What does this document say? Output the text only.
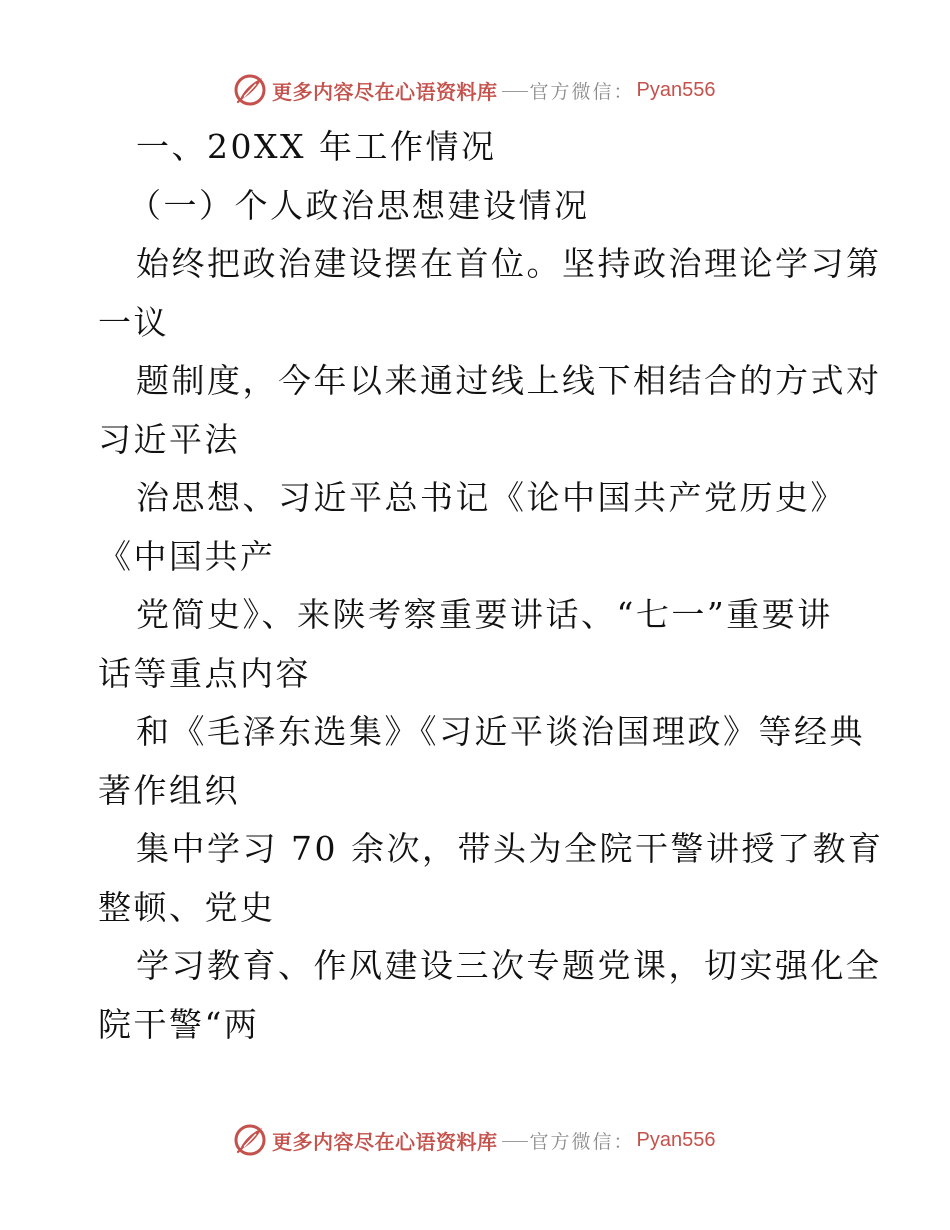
更多内容尽在心语资料库 官方微信： Pyan556
一、20XX 年工作情况
（一）个人政治思想建设情况
始终把政治建设摆在首位。坚持政治理论学习第
一议
题制度，今年以来通过线上线下相结合的方式对
习近平法
治思想、习近平总书记《论中国共产党历史》
《中国共产
党简史》、来陕考察重要讲话、“七一”重要讲
话等重点内容
和《毛泽东选集》《习近平谈治国理政》等经典
著作组织
集中学习 70 余次，带头为全院干警讲授了教育
整顿、党史
学习教育、作风建设三次专题党课，切实强化全
院干警“两
更多内容尽在心语资料库 官方微信： Pyan556
